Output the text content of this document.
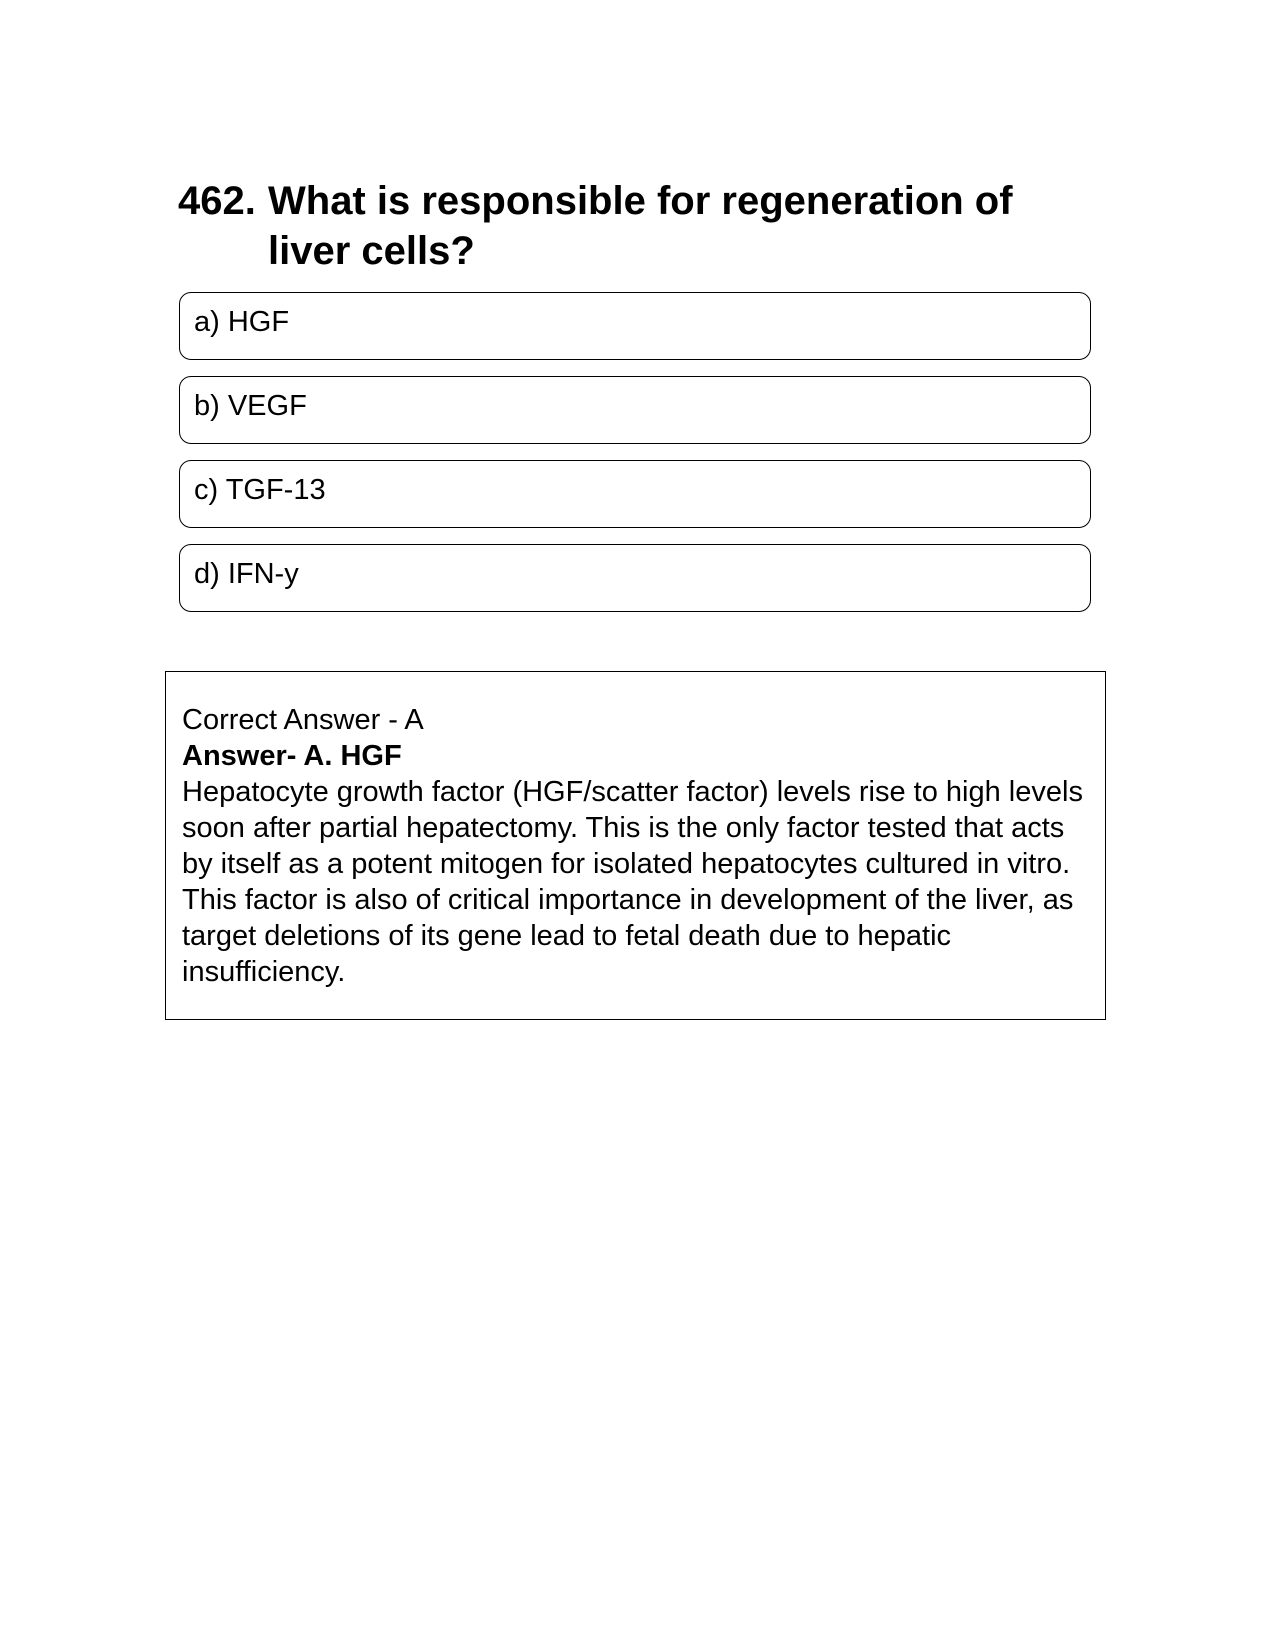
462. What is responsible for regeneration of liver cells?
a) HGF
b) VEGF
c) TGF-13
d) IFN-y
Correct Answer - A
Answer- A. HGF
Hepatocyte growth factor (HGF/scatter factor) levels rise to high levels soon after partial hepatectomy. This is the only factor tested that acts by itself as a potent mitogen for isolated hepatocytes cultured in vitro. This factor is also of critical importance in development of the liver, as target deletions of its gene lead to fetal death due to hepatic insufficiency.
